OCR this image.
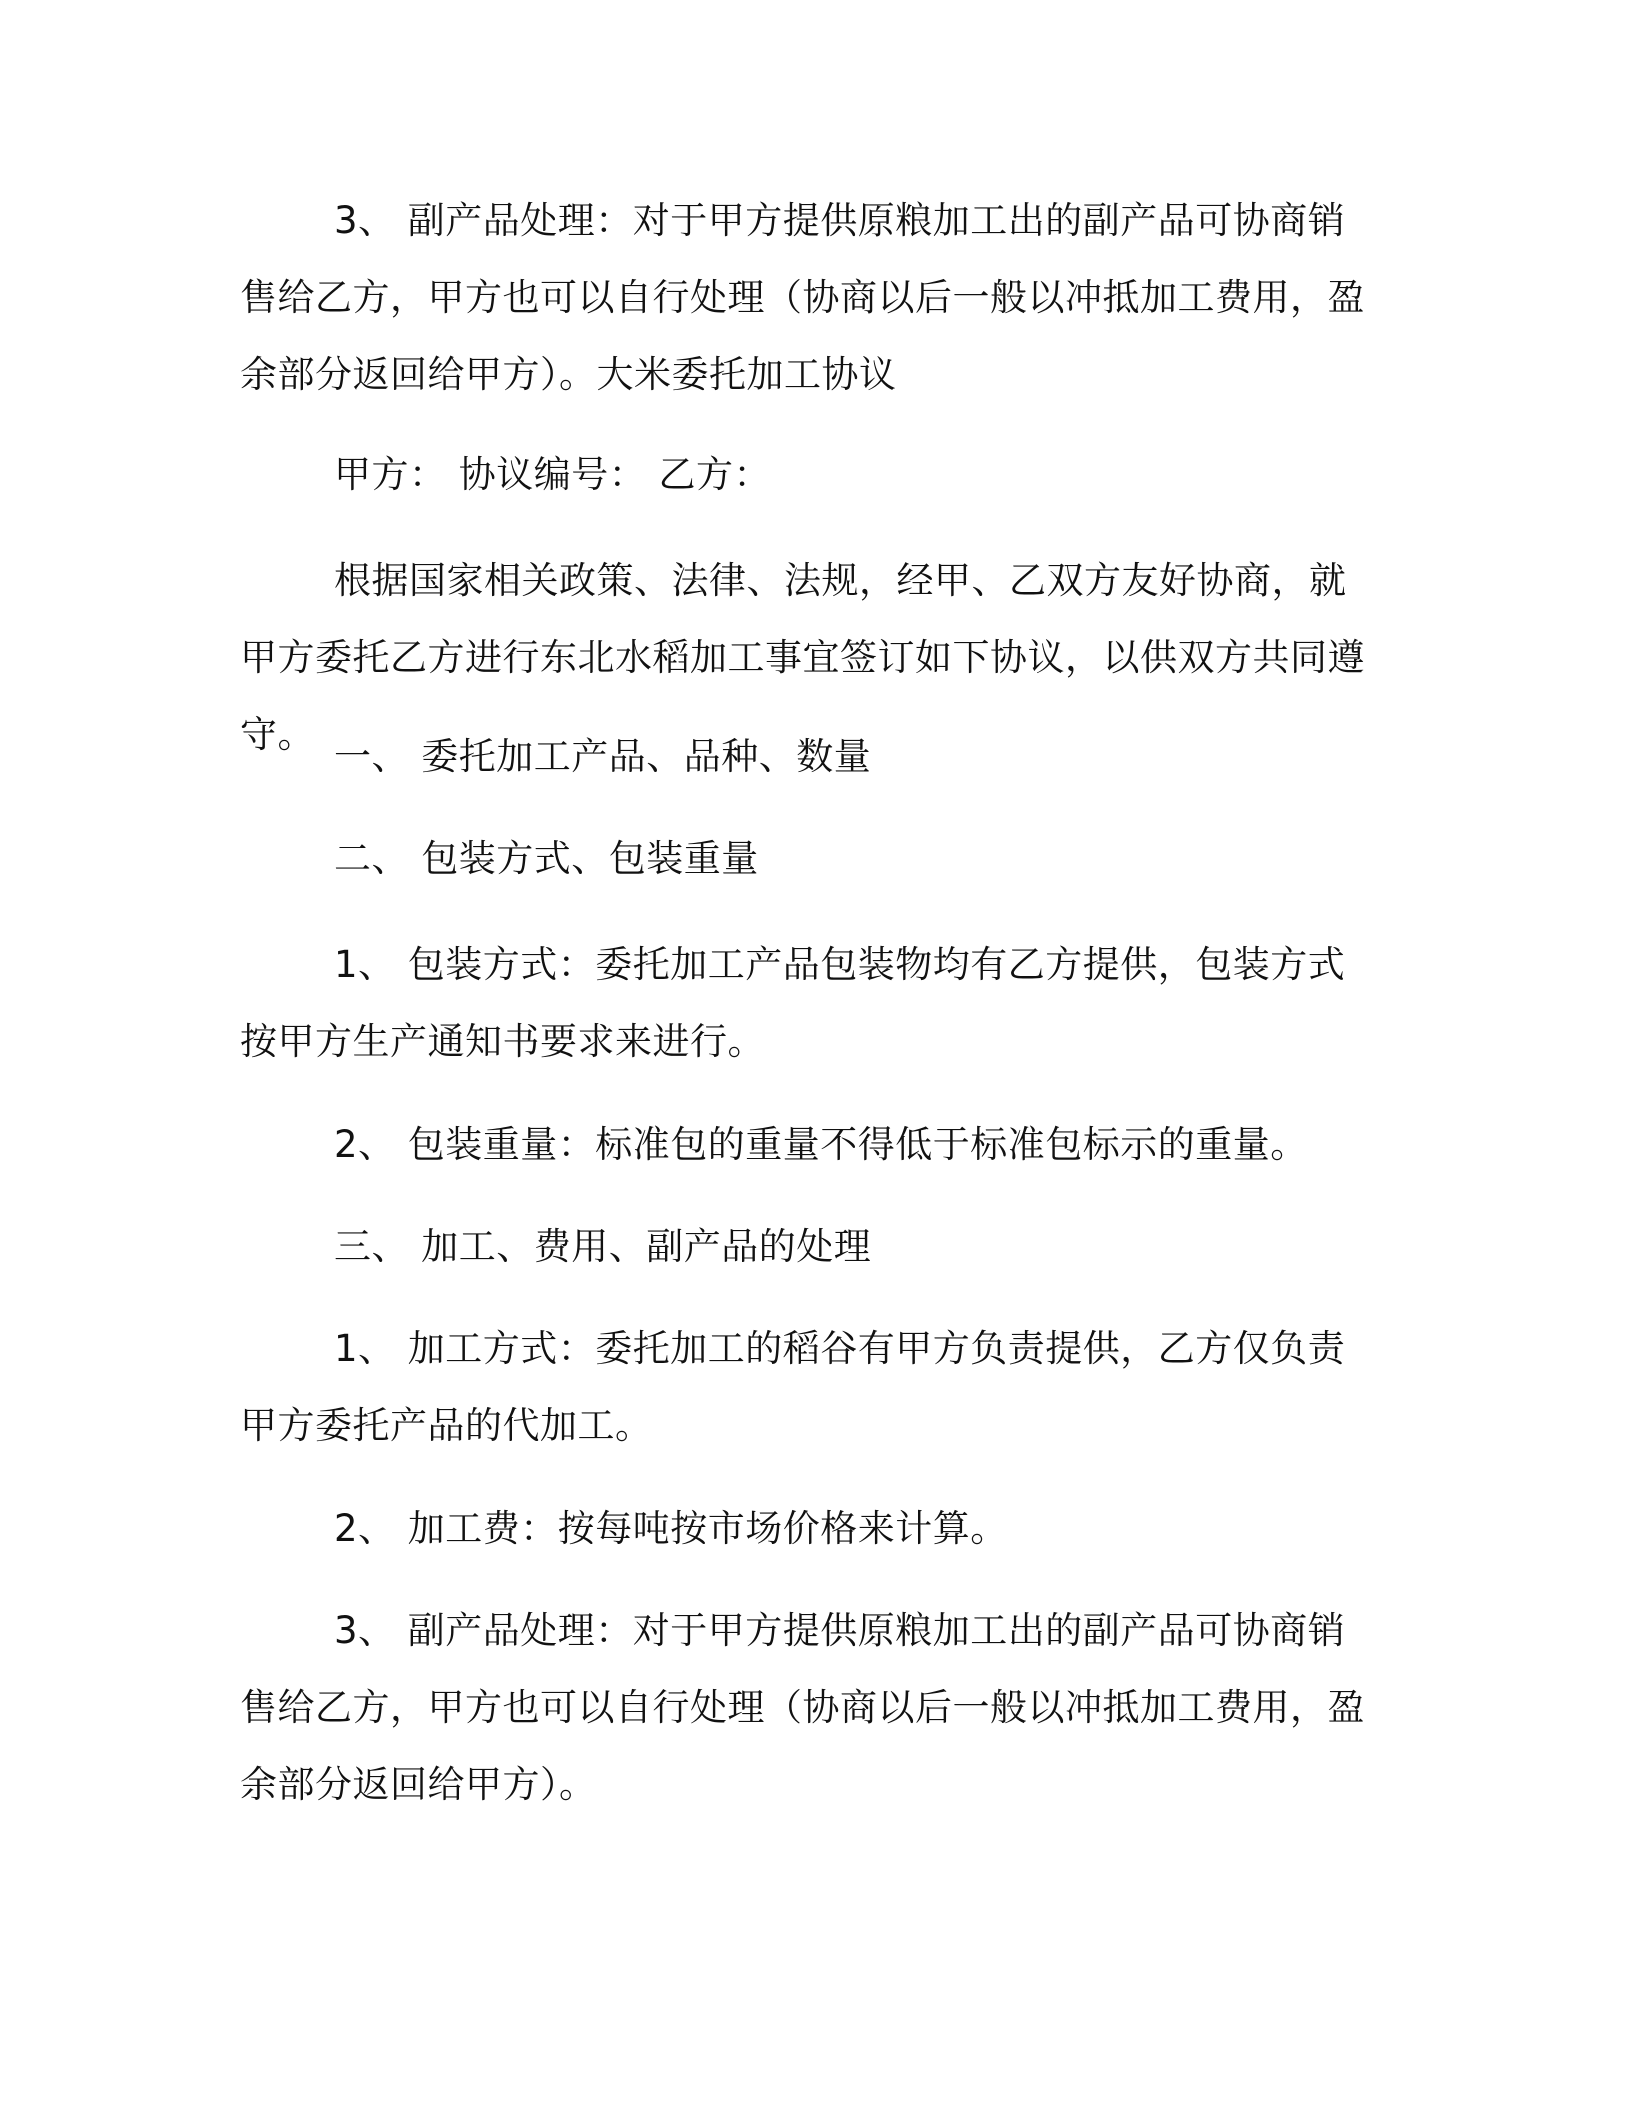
3、 副产品处理：对于甲方提供原粮加工出的副产品可协商销售给乙方，甲方也可以自行处理（协商以后一般以冲抵加工费用，盈余部分返回给甲方）。大米委托加工协议

甲方： 协议编号： 乙方：

根据国家相关政策、法律、法规，经甲、乙双方友好协商，就甲方委托乙方进行东北水稻加工事宜签订如下协议，以供双方共同遵守。

一、 委托加工产品、品种、数量

二、 包装方式、包装重量

1、 包装方式：委托加工产品包装物均有乙方提供，包装方式按甲方生产通知书要求来进行。

2、 包装重量：标准包的重量不得低于标准包标示的重量。

三、 加工、费用、副产品的处理

1、 加工方式：委托加工的稻谷有甲方负责提供，乙方仅负责甲方委托产品的代加工。

2、 加工费：按每吨按市场价格来计算。

3、 副产品处理：对于甲方提供原粮加工出的副产品可协商销售给乙方，甲方也可以自行处理（协商以后一般以冲抵加工费用，盈余部分返回给甲方）。
